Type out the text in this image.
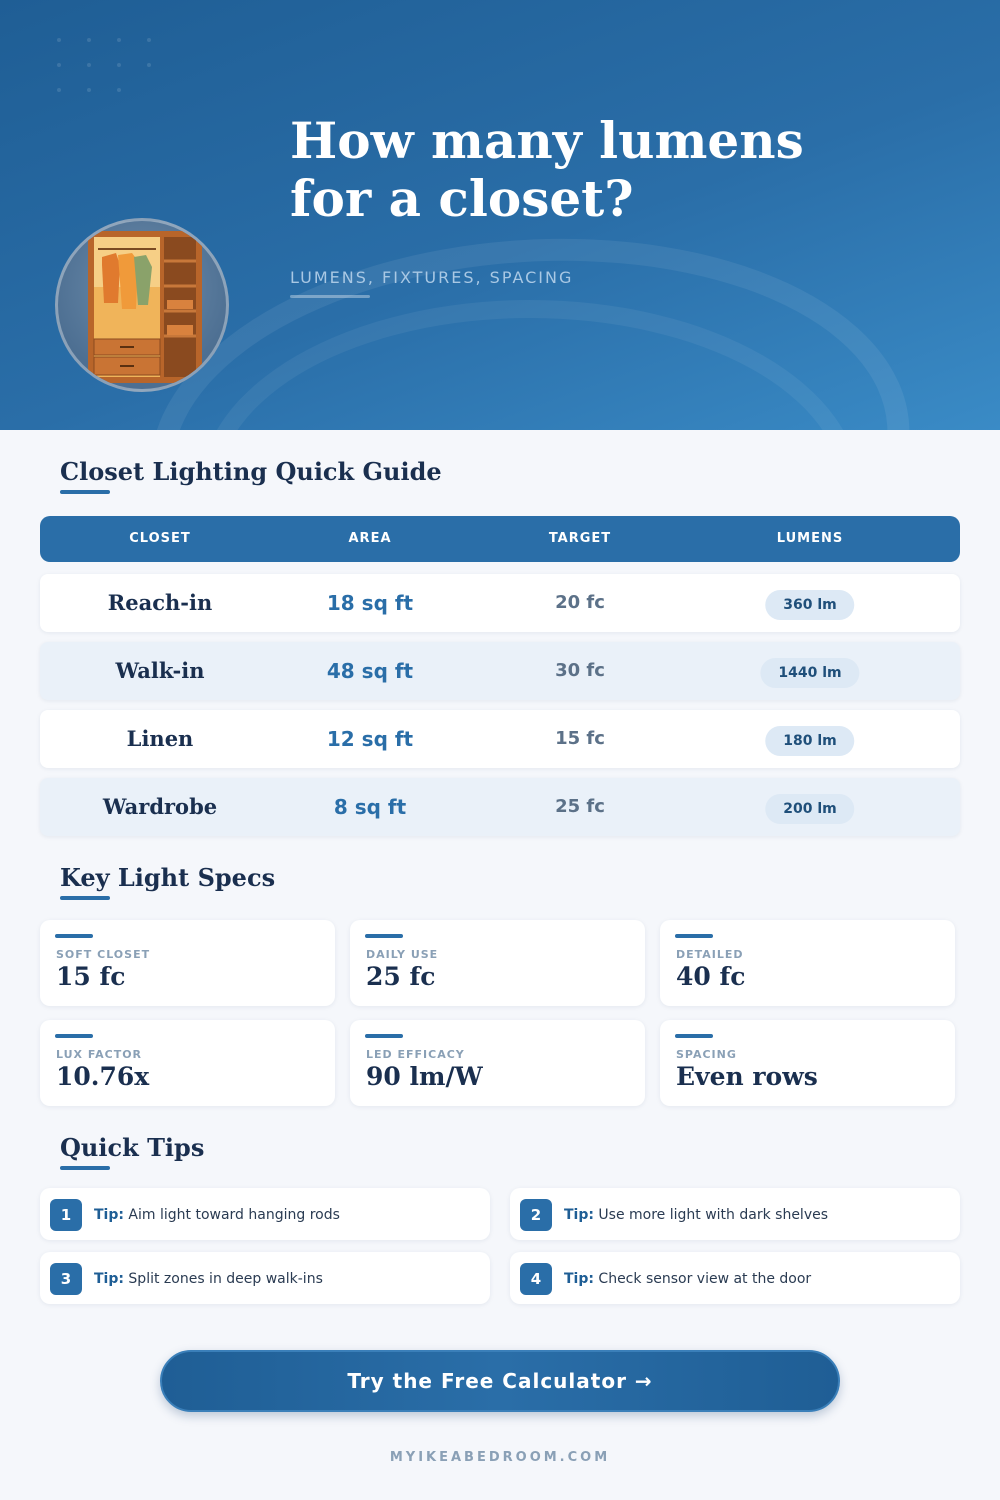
How many lumens
for a closet?
LUMENS, FIXTURES, SPACING
Closet Lighting Quick Guide
CLOSET	AREA	TARGET	LUMENS
Reach-in	18 sq ft	20 fc	360 lm
Walk-in	48 sq ft	30 fc	1440 lm
Linen	12 sq ft	15 fc	180 lm
Wardrobe	8 sq ft	25 fc	200 lm
Key Light Specs
SOFT CLOSET
15 fc
DAILY USE
25 fc
DETAILED
40 fc
LUX FACTOR
10.76x
LED EFFICACY
90 lm/W
SPACING
Even rows
Quick Tips
1	Tip: Aim light toward hanging rods	2	Tip: Use more light with dark shelves
3	Tip: Split zones in deep walk-ins	4	Tip: Check sensor view at the door
Try the Free Calculator →
MYIKEABEDROOM.COM
